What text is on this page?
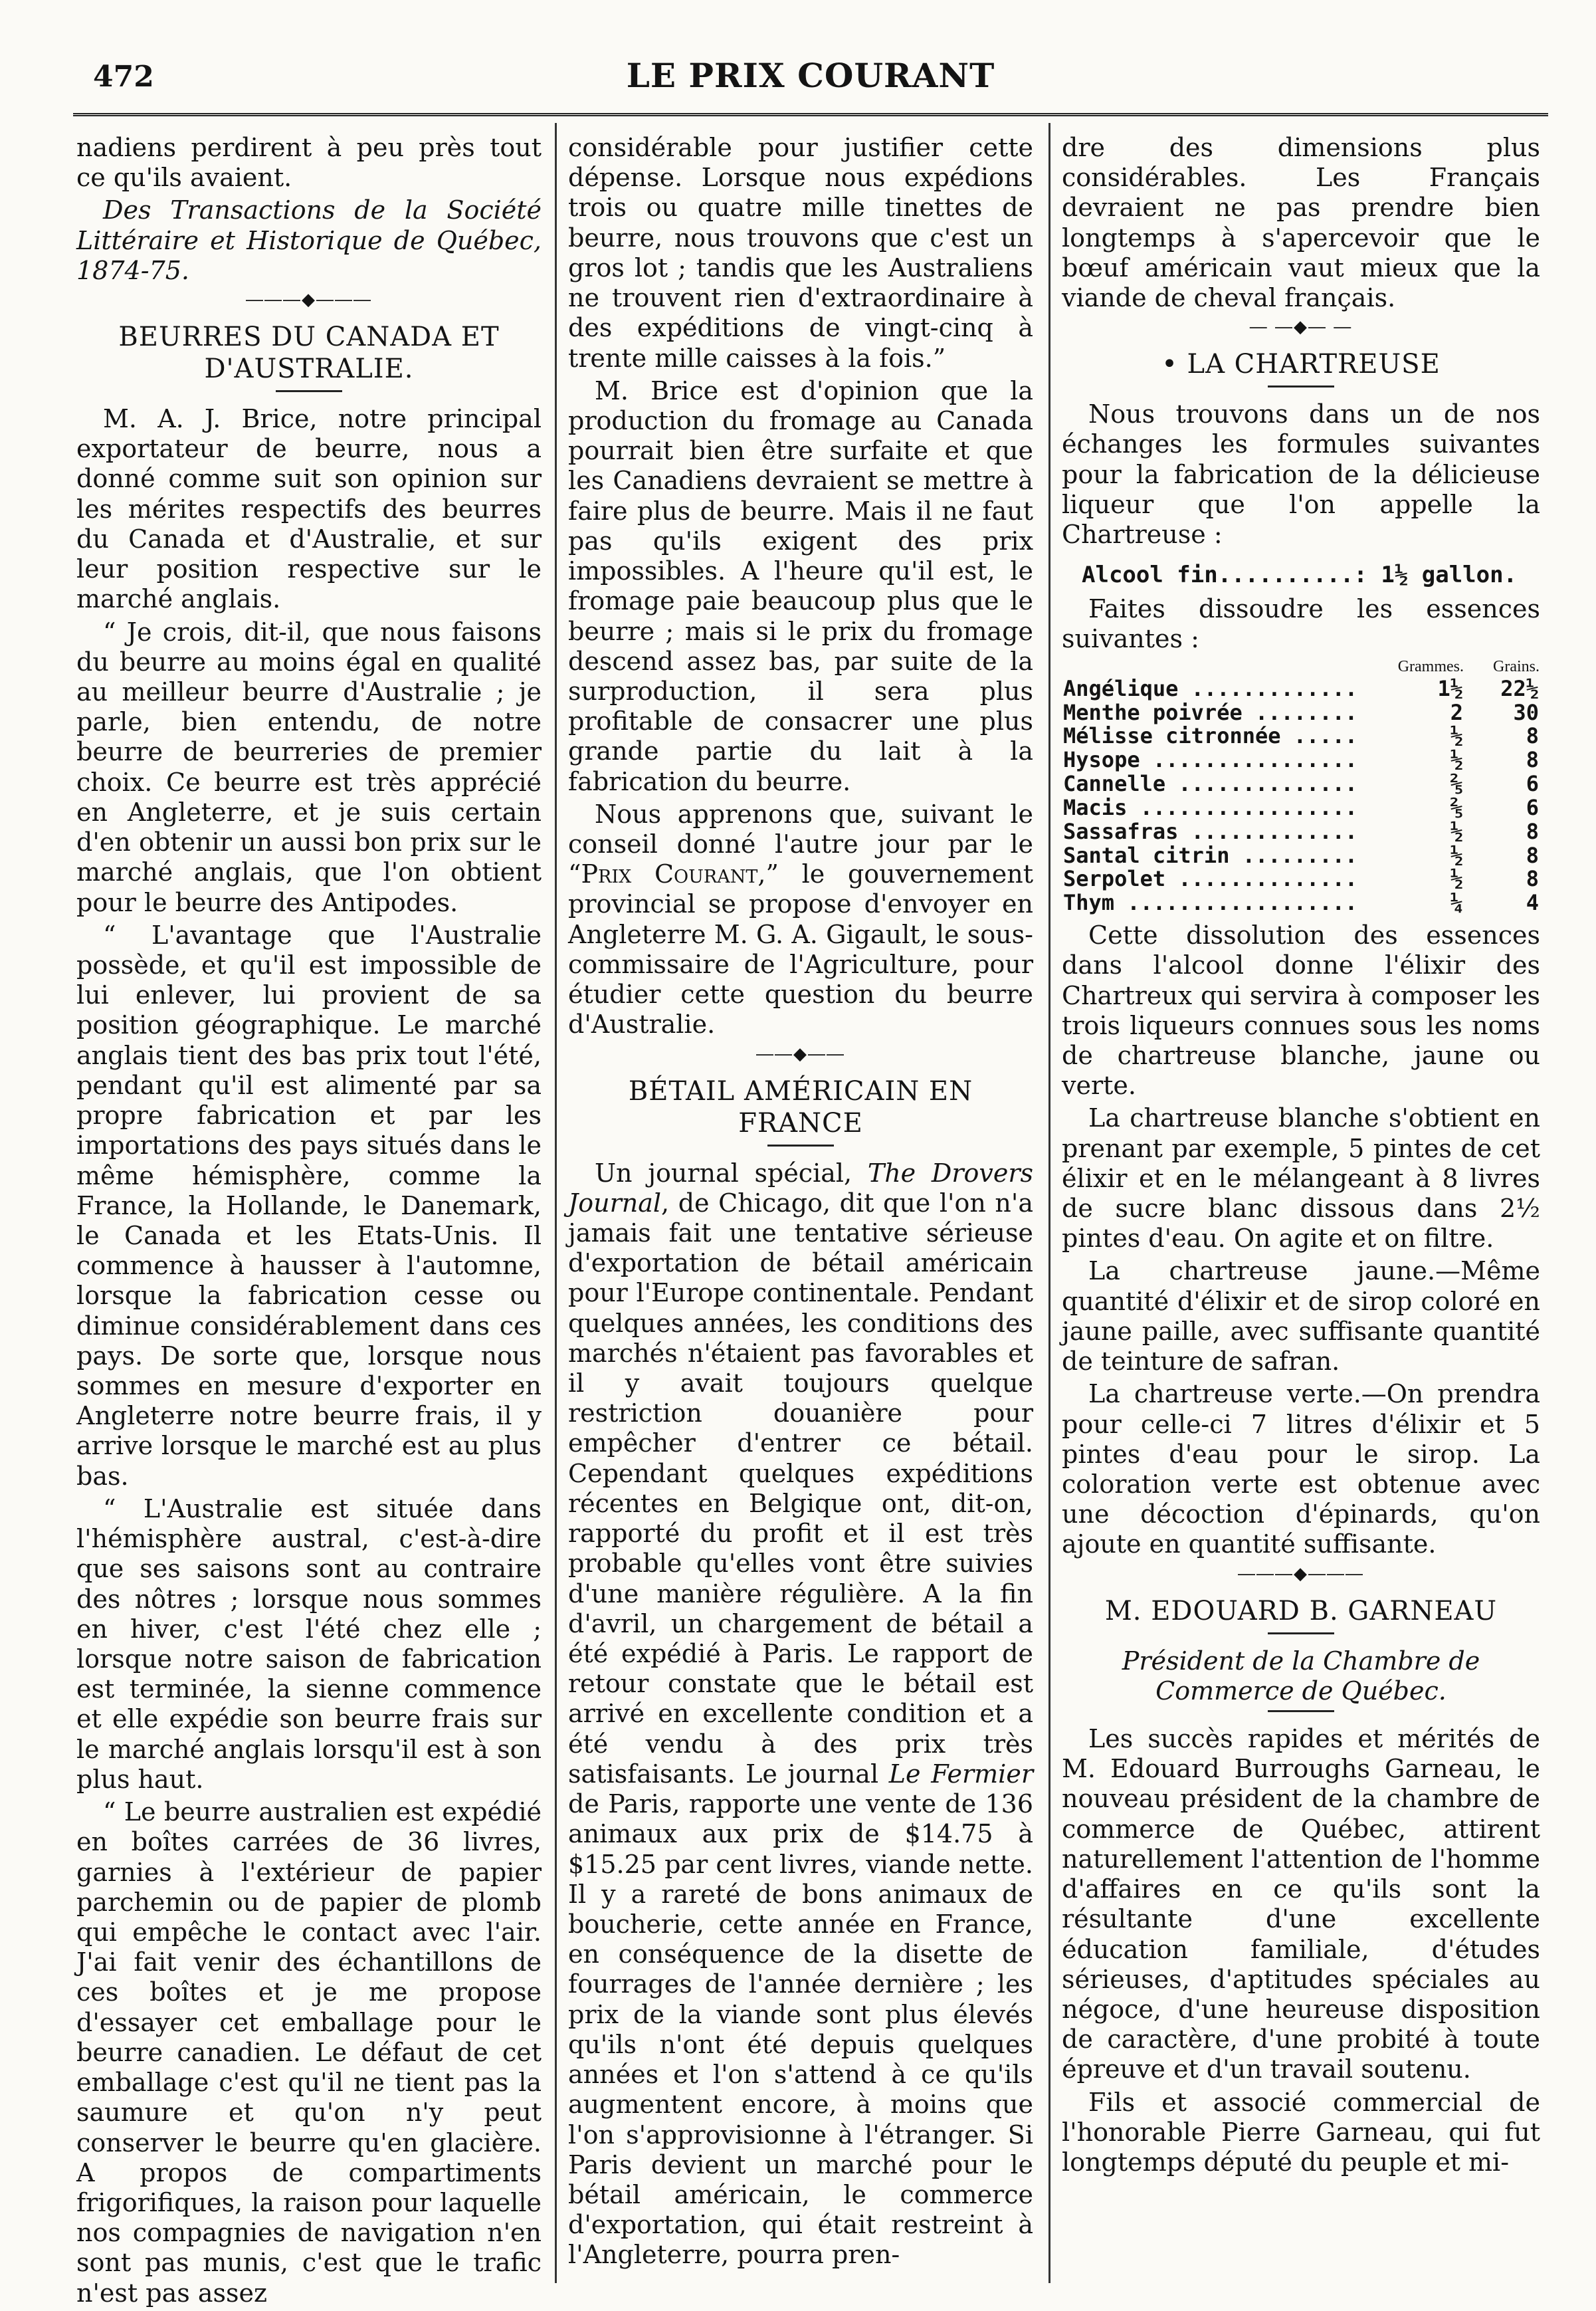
472	LE PRIX COURANT

nadiens perdirent à peu près tout ce qu'ils avaient.

Des Transactions de la Société Littéraire et Historique de Québec, 1874-75.

―――◆―――
BEURRES DU CANADA ET D'AUSTRALIE.

M. A. J. Brice, notre principal exportateur de beurre, nous a donné comme suit son opinion sur les mérites respectifs des beurres du Canada et d'Australie, et sur leur position respective sur le marché anglais.

“ Je crois, dit-il, que nous faisons du beurre au moins égal en qualité au meilleur beurre d'Australie ; je parle, bien entendu, de notre beurre de beurreries de premier choix. Ce beurre est très apprécié en Angleterre, et je suis certain d'en obtenir un aussi bon prix sur le marché anglais, que l'on obtient pour le beurre des Antipodes.

“ L'avantage que l'Australie possède, et qu'il est impossible de lui enlever, lui provient de sa position géographique. Le marché anglais tient des bas prix tout l'été, pendant qu'il est alimenté par sa propre fabrication et par les importations des pays situés dans le même hémisphère, comme la France, la Hollande, le Danemark, le Canada et les Etats-Unis. Il commence à hausser à l'automne, lorsque la fabrication cesse ou diminue considérablement dans ces pays. De sorte que, lorsque nous sommes en mesure d'exporter en Angleterre notre beurre frais, il y arrive lorsque le marché est au plus bas.

“ L'Australie est située dans l'hémisphère austral, c'est-à-dire que ses saisons sont au contraire des nôtres ; lorsque nous sommes en hiver, c'est l'été chez elle ; lorsque notre saison de fabrication est terminée, la sienne commence et elle expédie son beurre frais sur le marché anglais lorsqu'il est à son plus haut.

“ Le beurre australien est expédié en boîtes carrées de 36 livres, garnies à l'extérieur de papier parchemin ou de papier de plomb qui empêche le contact avec l'air. J'ai fait venir des échantillons de ces boîtes et je me propose d'essayer cet emballage pour le beurre canadien. Le défaut de cet emballage c'est qu'il ne tient pas la saumure et qu'on n'y peut conserver le beurre qu'en glacière. A propos de compartiments frigorifiques, la raison pour laquelle nos compagnies de navigation n'en sont pas munis, c'est que le trafic n'est pas assez

considérable pour justifier cette dépense. Lorsque nous expédions trois ou quatre mille tinettes de beurre, nous trouvons que c'est un gros lot ; tandis que les Australiens ne trouvent rien d'extraordinaire à des expéditions de vingt-cinq à trente mille caisses à la fois.”

M. Brice est d'opinion que la production du fromage au Canada pourrait bien être surfaite et que les Canadiens devraient se mettre à faire plus de beurre. Mais il ne faut pas qu'ils exigent des prix impossibles. A l'heure qu'il est, le fromage paie beaucoup plus que le beurre ; mais si le prix du fromage descend assez bas, par suite de la surproduction, il sera plus profitable de consacrer une plus grande partie du lait à la fabrication du beurre.

Nous apprenons que, suivant le conseil donné l'autre jour par le “Prix Courant,” le gouvernement provincial se propose d'envoyer en Angleterre M. G. A. Gigault, le sous-commissaire de l'Agriculture, pour étudier cette question du beurre d'Australie.

――◆――
BÉTAIL AMÉRICAIN EN FRANCE

Un journal spécial, The Drovers Journal, de Chicago, dit que l'on n'a jamais fait une tentative sérieuse d'exportation de bétail américain pour l'Europe continentale. Pendant quelques années, les conditions des marchés n'étaient pas favorables et il y avait toujours quelque restriction douanière pour empêcher d'entrer ce bétail. Cependant quelques expéditions récentes en Belgique ont, dit-on, rapporté du profit et il est très probable qu'elles vont être suivies d'une manière régulière. A la fin d'avril, un chargement de bétail a été expédié à Paris. Le rapport de retour constate que le bétail est arrivé en excellente condition et a été vendu à des prix très satisfaisants. Le journal Le Fermier de Paris, rapporte une vente de 136 animaux aux prix de $14.75 à $15.25 par cent livres, viande nette. Il y a rareté de bons animaux de boucherie, cette année en France, en conséquence de la disette de fourrages de l'année dernière ; les prix de la viande sont plus élevés qu'ils n'ont été depuis quelques années et l'on s'attend à ce qu'ils augmentent encore, à moins que l'on s'approvisionne à l'étranger. Si Paris devient un marché pour le bétail américain, le commerce d'exportation, qui était restreint à l'Angleterre, pourra pren-

dre des dimensions plus considérables. Les Français devraient ne pas prendre bien longtemps à s'apercevoir que le bœuf américain vaut mieux que la viande de cheval français.

― ―◆― ―
• LA CHARTREUSE

Nous trouvons dans un de nos échanges les formules suivantes pour la fabrication de la délicieuse liqueur que l'on appelle la Chartreuse :

Alcool fin..........: 1½ gallon.

Faites dissoudre les essences suivantes :

	Grammes.	Grains.
Angélique .............	1½	22½
Menthe poivrée ........	2	30
Mélisse citronnée .....	½	8
Hysope ................	½	8
Cannelle ..............	⅖	6
Macis .................	⅖	6
Sassafras .............	½	8
Santal citrin .........	½	8
Serpolet ..............	½	8
Thym ..................	¼	4

Cette dissolution des essences dans l'alcool donne l'élixir des Chartreux qui servira à composer les trois liqueurs connues sous les noms de chartreuse blanche, jaune ou verte.

La chartreuse blanche s'obtient en prenant par exemple, 5 pintes de cet élixir et en le mélangeant à 8 livres de sucre blanc dissous dans 2½ pintes d'eau. On agite et on filtre.

La chartreuse jaune.—Même quantité d'élixir et de sirop coloré en jaune paille, avec suffisante quantité de teinture de safran.

La chartreuse verte.—On prendra pour celle-ci 7 litres d'élixir et 5 pintes d'eau pour le sirop. La coloration verte est obtenue avec une décoction d'épinards, qu'on ajoute en quantité suffisante.

―――◆―――
M. EDOUARD B. GARNEAU

Président de la Chambre de Commerce de Québec.

Les succès rapides et mérités de M. Edouard Burroughs Garneau, le nouveau président de la chambre de commerce de Québec, attirent naturellement l'attention de l'homme d'affaires en ce qu'ils sont la résultante d'une excellente éducation familiale, d'études sérieuses, d'aptitudes spéciales au négoce, d'une heureuse disposition de caractère, d'une probité à toute épreuve et d'un travail soutenu.

Fils et associé commercial de l'honorable Pierre Garneau, qui fut longtemps député du peuple et mi-
